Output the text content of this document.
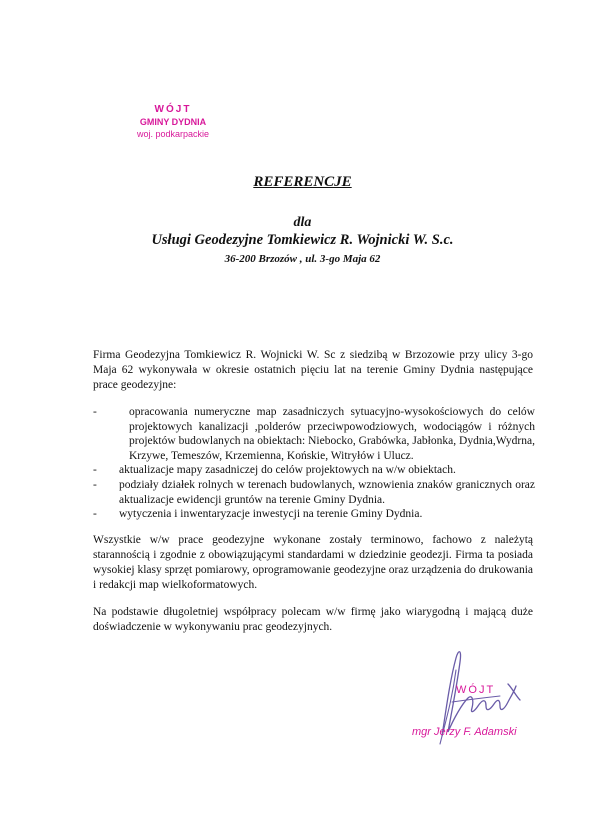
WÓJT
GMINY DYDNIA
woj. podkarpackie
REFERENCJE
dla
Usługi Geodezyjne Tomkiewicz R. Wojnicki W. S.c.
36-200 Brzozów , ul. 3-go Maja 62
Firma Geodezyjna Tomkiewicz R. Wojnicki W. Sc z siedzibą w Brzozowie przy ulicy 3-go Maja 62 wykonywała w okresie ostatnich pięciu lat na terenie Gminy Dydnia następujące prace geodezyjne:
-	opracowania numeryczne map zasadniczych sytuacyjno-wysokościowych do celów projektowych kanalizacji ,polderów przeciwpowodziowych, wodociągów i różnych projektów budowlanych na obiektach: Niebocko, Grabówka, Jabłonka, Dydnia,Wydrna, Krzywe, Temeszów, Krzemienna, Końskie, Witryłów i Ulucz.
- aktualizacje mapy zasadniczej do celów projektowych na w/w obiektach.
- podziały działek rolnych w terenach budowlanych, wznowienia znaków granicznych oraz aktualizacje ewidencji gruntów na terenie Gminy Dydnia.
- wytyczenia i inwentaryzacje inwestycji na terenie Gminy Dydnia.
Wszystkie w/w prace geodezyjne wykonane zostały terminowo, fachowo z należytą starannością i zgodnie z obowiązującymi standardami w dziedzinie geodezji. Firma ta posiada wysokiej klasy sprzęt pomiarowy, oprogramowanie geodezyjne oraz urządzenia do drukowania i redakcji map wielkoformatowych.
Na podstawie długoletniej współpracy polecam w/w firmę jako wiarygodną i mającą duże doświadczenie w wykonywaniu prac geodezyjnych.
WÓJT
mgr Jerzy F. Adamski
